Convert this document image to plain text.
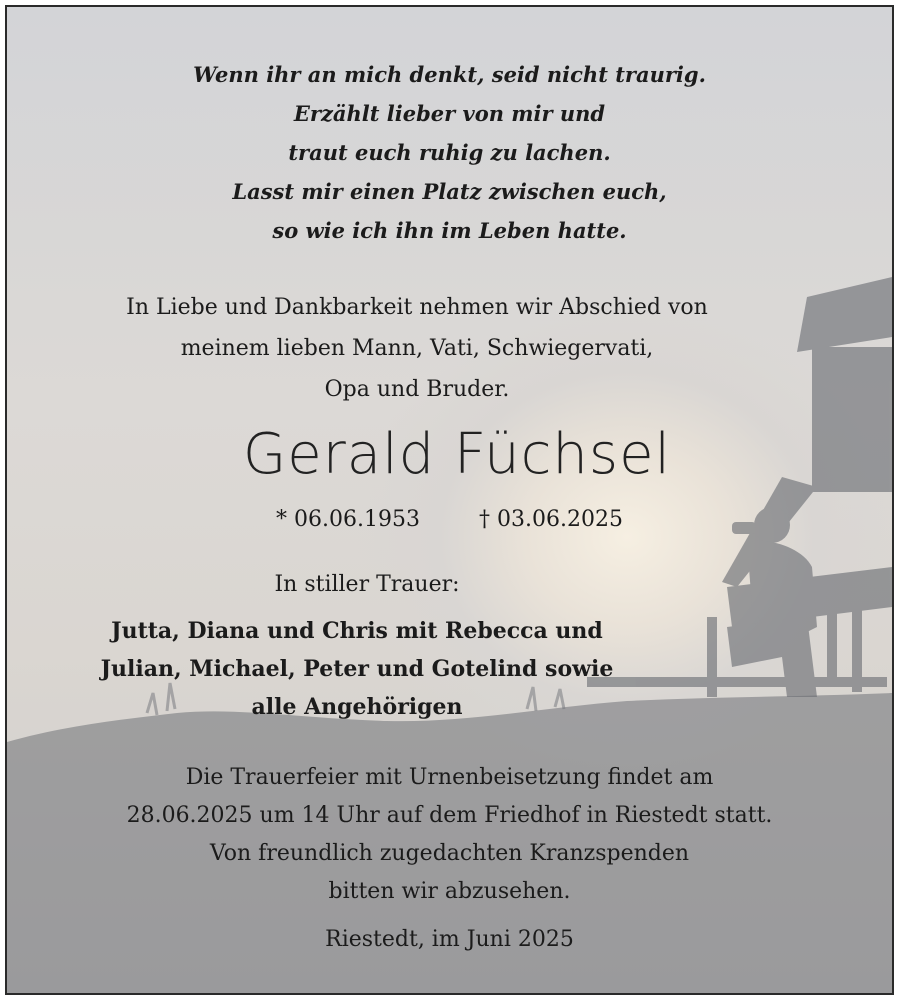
Wenn ihr an mich denkt, seid nicht traurig.
Erzählt lieber von mir und
traut euch ruhig zu lachen.
Lasst mir einen Platz zwischen euch,
so wie ich ihn im Leben hatte.
In Liebe und Dankbarkeit nehmen wir Abschied von
meinem lieben Mann, Vati, Schwiegervati,
Opa und Bruder.
Gerald Füchsel
* 06.06.1953	† 03.06.2025
In stiller Trauer:
Jutta, Diana und Chris mit Rebecca und
Julian, Michael, Peter und Gotelind sowie
alle Angehörigen
Die Trauerfeier mit Urnenbeisetzung findet am
28.06.2025 um 14 Uhr auf dem Friedhof in Riestedt statt.
Von freundlich zugedachten Kranzspenden
bitten wir abzusehen.
Riestedt, im Juni 2025
